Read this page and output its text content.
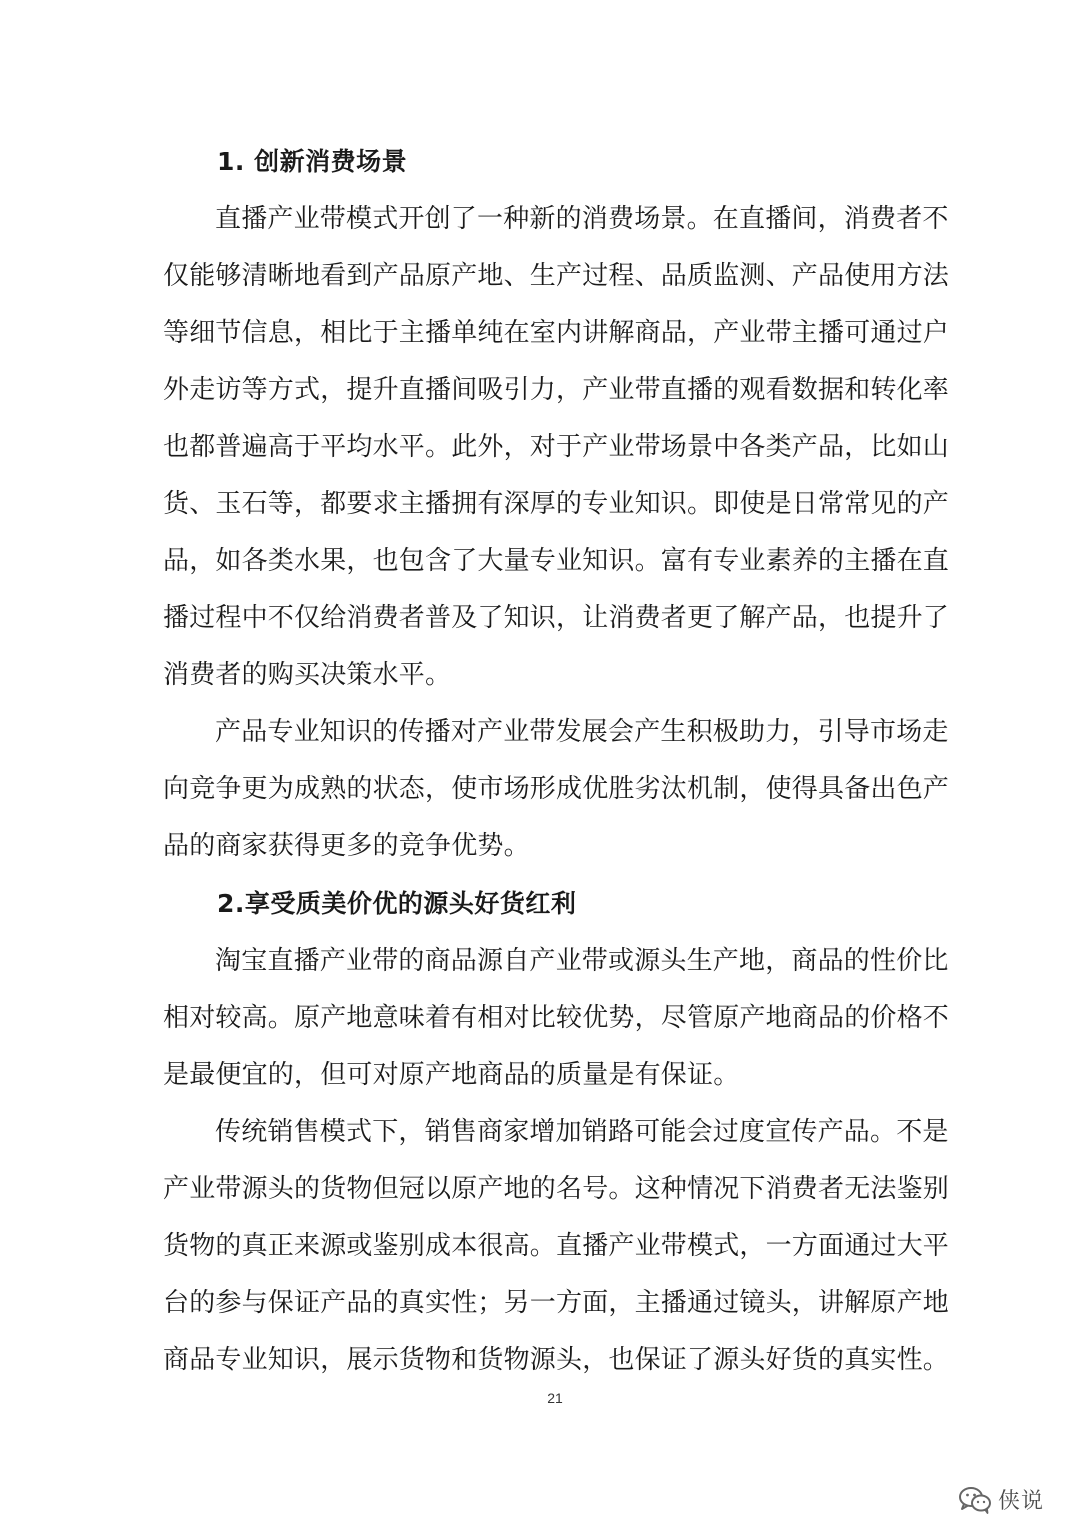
1. 创新消费场景
直播产业带模式开创了一种新的消费场景。在直播间，消费者不
仅能够清晰地看到产品原产地、生产过程、品质监测、产品使用方法
等细节信息，相比于主播单纯在室内讲解商品，产业带主播可通过户
外走访等方式，提升直播间吸引力，产业带直播的观看数据和转化率
也都普遍高于平均水平。此外，对于产业带场景中各类产品，比如山
货、玉石等，都要求主播拥有深厚的专业知识。即使是日常常见的产
品，如各类水果，也包含了大量专业知识。富有专业素养的主播在直
播过程中不仅给消费者普及了知识，让消费者更了解产品，也提升了
消费者的购买决策水平。
产品专业知识的传播对产业带发展会产生积极助力，引导市场走
向竞争更为成熟的状态，使市场形成优胜劣汰机制，使得具备出色产
品的商家获得更多的竞争优势。
2.享受质美价优的源头好货红利
淘宝直播产业带的商品源自产业带或源头生产地，商品的性价比
相对较高。原产地意味着有相对比较优势，尽管原产地商品的价格不
是最便宜的，但可对原产地商品的质量是有保证。
传统销售模式下，销售商家增加销路可能会过度宣传产品。不是
产业带源头的货物但冠以原产地的名号。这种情况下消费者无法鉴别
货物的真正来源或鉴别成本很高。直播产业带模式，一方面通过大平
台的参与保证产品的真实性；另一方面，主播通过镜头，讲解原产地
商品专业知识，展示货物和货物源头，也保证了源头好货的真实性。
21
侠说
